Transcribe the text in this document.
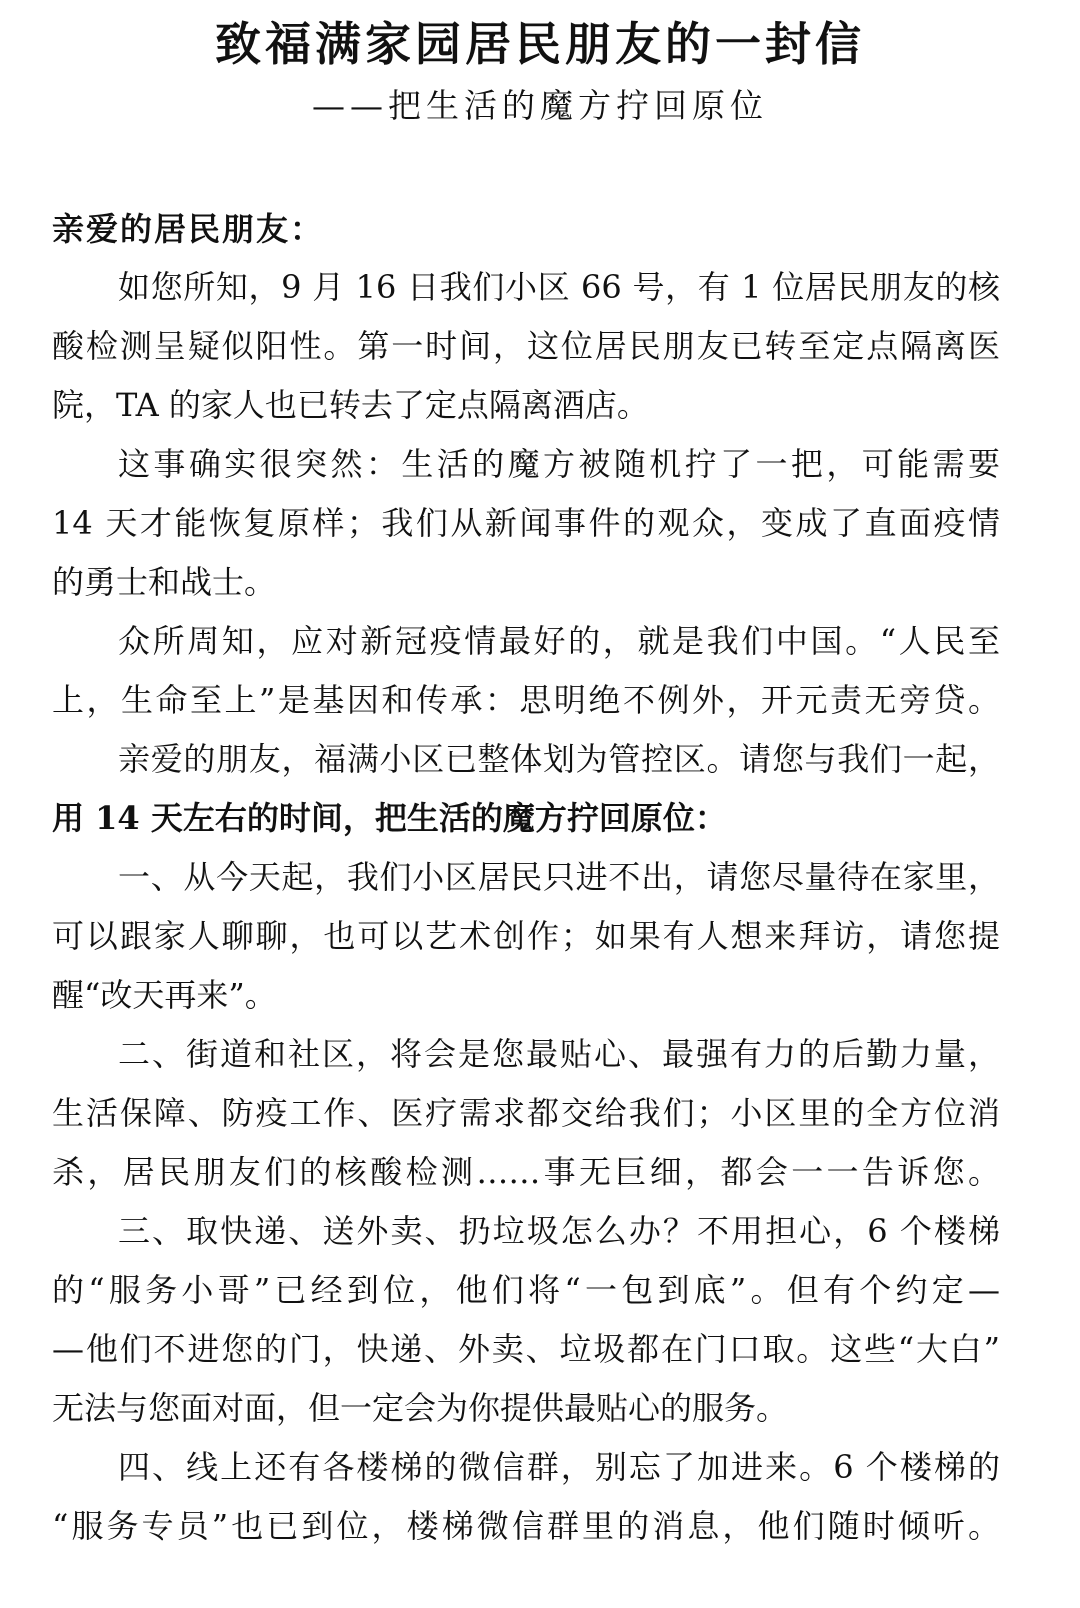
致福满家园居民朋友的一封信
——把生活的魔方拧回原位
亲爱的居民朋友：
如您所知，9 月 16 日我们小区 66 号，有 1 位居民朋友的核
酸检测呈疑似阳性。第一时间，这位居民朋友已转至定点隔离医
院，TA 的家人也已转去了定点隔离酒店。
这事确实很突然：生活的魔方被随机拧了一把，可能需要
14 天才能恢复原样；我们从新闻事件的观众，变成了直面疫情
的勇士和战士。
众所周知，应对新冠疫情最好的，就是我们中国。“人民至
上，生命至上”是基因和传承：思明绝不例外，开元责无旁贷。
亲爱的朋友，福满小区已整体划为管控区。请您与我们一起，
用 14 天左右的时间，把生活的魔方拧回原位：
一、从今天起，我们小区居民只进不出，请您尽量待在家里，
可以跟家人聊聊，也可以艺术创作；如果有人想来拜访，请您提
醒“改天再来”。
二、街道和社区，将会是您最贴心、最强有力的后勤力量，
生活保障、防疫工作、医疗需求都交给我们；小区里的全方位消
杀，居民朋友们的核酸检测……事无巨细，都会一一告诉您。
三、取快递、送外卖、扔垃圾怎么办？不用担心，6 个楼梯
的“服务小哥”已经到位，他们将“一包到底”。但有个约定—
—他们不进您的门，快递、外卖、垃圾都在门口取。这些“大白”
无法与您面对面，但一定会为你提供最贴心的服务。
四、线上还有各楼梯的微信群，别忘了加进来。6 个楼梯的
“服务专员”也已到位，楼梯微信群里的消息，他们随时倾听。
